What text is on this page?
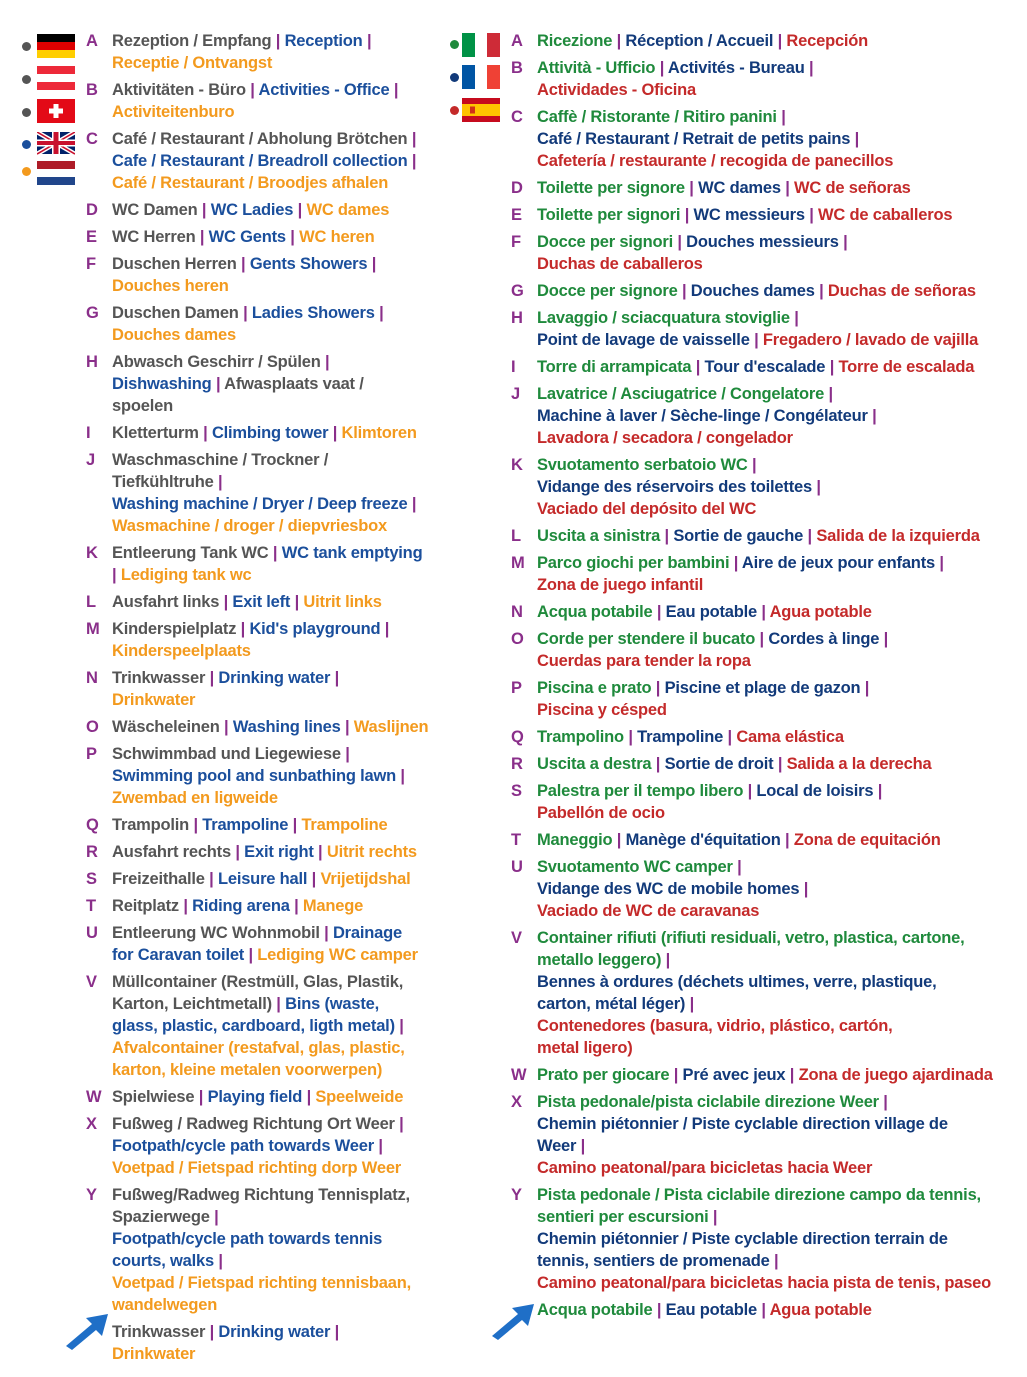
A Rezeption / Empfang | Reception |
Receptie / Ontvangst
B Aktivitäten - Büro | Activities - Office |
Activiteitenburo
C Café / Restaurant / Abholung Brötchen |
Cafe / Restaurant / Breadroll collection |
Café / Restaurant / Broodjes afhalen
D WC Damen | WC Ladies | WC dames
E WC Herren | WC Gents | WC heren
F Duschen Herren | Gents Showers |
Douches heren
G Duschen Damen | Ladies Showers |
Douches dames
H Abwasch Geschirr / Spülen |
Dishwashing | Afwasplaats vaat /
spoelen
I	Kletterturm | Climbing tower | Klimtoren
J	Waschmaschine / Trockner /
Tiefkühltruhe |
Washing machine / Dryer / Deep freeze |
Wasmachine / droger / diepvriesbox
K Entleerung Tank WC | WC tank emptying
| Lediging tank wc
L Ausfahrt links | Exit left | Uitrit links
M Kinderspielplatz | Kid's playground |
Kinderspeelplaats
N Trinkwasser | Drinking water |
Drinkwater
O Wäscheleinen | Washing lines | Waslijnen
P Schwimmbad und Liegewiese |
Swimming pool and sunbathing lawn |
Zwembad en ligweide
Q Trampolin | Trampoline | Trampoline
R Ausfahrt rechts | Exit right | Uitrit rechts
S Freizeithalle | Leisure hall | Vrijetijdshal
T Reitplatz | Riding arena | Manege
U Entleerung WC Wohnmobil | Drainage
for Caravan toilet | Lediging WC camper
V Müllcontainer (Restmüll, Glas, Plastik,
Karton, Leichtmetall) | Bins (waste,
glass, plastic, cardboard, ligth metal) |
Afvalcontainer (restafval, glas, plastic,
karton, kleine metalen voorwerpen)
W Spielwiese | Playing field | Speelweide
X Fußweg / Radweg Richtung Ort Weer |
Footpath/cycle path towards Weer |
Voetpad / Fietspad richting dorp Weer
Y Fußweg/Radweg Richtung Tennisplatz,
Spazierwege |
Footpath/cycle path towards tennis
courts, walks |
Voetpad / Fietspad richting tennisbaan,
wandelwegen
Trinkwasser | Drinking water |
Drinkwater
A Ricezione | Réception / Accueil | Recepción
B Attività - Ufficio | Activités - Bureau |
Actividades - Oficina
C Caffè / Ristorante / Ritiro panini |
Café / Restaurant / Retrait de petits pains |
Cafetería / restaurante / recogida de panecillos
D Toilette per signore | WC dames | WC de señoras
E Toilette per signori | WC messieurs | WC de caballeros
F Docce per signori | Douches messieurs |
Duchas de caballeros
G Docce per signore | Douches dames | Duchas de señoras
H Lavaggio / sciacquatura stoviglie |
Point de lavage de vaisselle | Fregadero / lavado de vajilla
I	Torre di arrampicata | Tour d'escalade | Torre de escalada
J	Lavatrice / Asciugatrice / Congelatore |
Machine à laver / Sèche-linge / Congélateur |
Lavadora / secadora / congelador
K Svuotamento serbatoio WC |
Vidange des réservoirs des toilettes |
Vaciado del depósito del WC
L Uscita a sinistra | Sortie de gauche | Salida de la izquierda
M Parco giochi per bambini | Aire de jeux pour enfants |
Zona de juego infantil
N Acqua potabile | Eau potable | Agua potable
O Corde per stendere il bucato | Cordes à linge |
Cuerdas para tender la ropa
P Piscina e prato | Piscine et plage de gazon |
Piscina y césped
Q Trampolino | Trampoline | Cama elástica
R Uscita a destra | Sortie de droit | Salida a la derecha
S Palestra per il tempo libero | Local de loisirs |
Pabellón de ocio
T Maneggio | Manège d'équitation | Zona de equitación
U Svuotamento WC camper |
Vidange des WC de mobile homes |
Vaciado de WC de caravanas
V Container rifiuti (rifiuti residuali, vetro, plastica, cartone,
metallo leggero) |
Bennes à ordures (déchets ultimes, verre, plastique,
carton, métal léger) |
Contenedores (basura, vidrio, plástico, cartón,
metal ligero)
W Prato per giocare | Pré avec jeux | Zona de juego ajardinada
X Pista pedonale/pista ciclabile direzione Weer |
Chemin piétonnier / Piste cyclable direction village de
Weer |
Camino peatonal/para bicicletas hacia Weer
Y Pista pedonale / Pista ciclabile direzione campo da tennis,
sentieri per escursioni |
Chemin piétonnier / Piste cyclable direction terrain de
tennis, sentiers de promenade |
Camino peatonal/para bicicletas hacia pista de tenis, paseo
Acqua potabile | Eau potable | Agua potable
